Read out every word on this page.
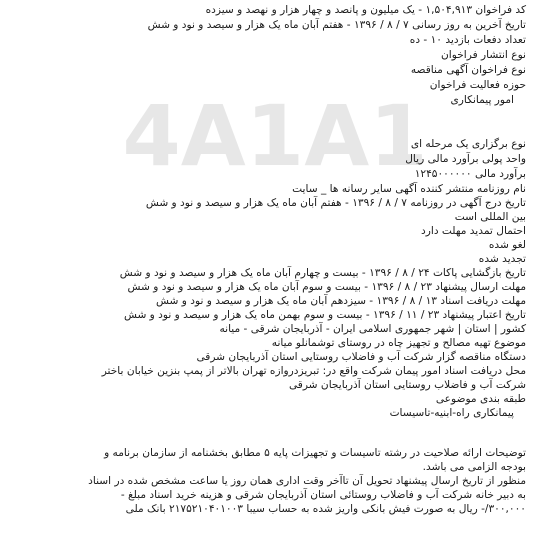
4A1A1
کد فراخوان ۱,۵۰۴,۹۱۳ - یک میلیون و پانصد و چهار هزار و نهصد و سیزده
تاریخ آخرین به روز رسانی ۷ / ۸ / ۱۳۹۶ - هفتم آبان ماه یک هزار و سیصد و نود و شش
تعداد دفعات بازدید ۱۰ - ده
نوع انتشار فراخوان
نوع فراخوان آگهی مناقصه
حوزه فعالیت فراخوان
امور پیمانکاری
نوع برگزاری یک مرحله ای
واحد پولی برآورد مالی ریال
برآورد مالی ۱۲۴۵۰۰۰۰۰۰
نام روزنامه منتشر کننده آگهی سایر رسانه ها _ سایت
تاریخ درج آگهی در روزنامه ۷ / ۸ / ۱۳۹۶ - هفتم آبان ماه یک هزار و سیصد و نود و شش
بین المللی است
احتمال تمدید مهلت دارد
لغو شده
تجدید شده
تاریخ بازگشایی پاکات ۲۴ / ۸ / ۱۳۹۶ - بیست و چهارم آبان ماه یک هزار و سیصد و نود و شش
مهلت ارسال پیشنهاد ۲۳ / ۸ / ۱۳۹۶ - بیست و سوم آبان ماه یک هزار و سیصد و نود و شش
مهلت دریافت اسناد ۱۳ / ۸ / ۱۳۹۶ - سیزدهم آبان ماه یک هزار و سیصد و نود و شش
تاریخ اعتبار پیشنهاد ۲۳ / ۱۱ / ۱۳۹۶ - بیست و سوم بهمن ماه یک هزار و سیصد و نود و شش
کشور | استان | شهر جمهوری اسلامی ایران - آذربایجان شرقی - میانه
موضوع تهیه مصالح و تجهیز چاه در روستای توشمانلو میانه
دستگاه مناقصه گزار شرکت آب و فاضلاب روستایی استان آذربایجان شرقی
محل دریافت اسناد امور پیمان شرکت واقع در: تبریزدروازه تهران بالاتر از پمپ بنزین خیابان باختر
شرکت آب و فاضلاب روستایی استان آذربایجان شرقی
طبقه بندی موضوعی
پیمانکاری راه-ابنیه-تاسیسات
توضیحات ارائه صلاحیت در رشته تاسیسات و تجهیزات پایه ۵ مطابق بخشنامه از سازمان برنامه و
بودجه الزامی می باشد.
منظور از تاریخ ارسال پیشنهاد تحویل آن تاآخر وقت اداری همان روز یا ساعت مشخص شده در اسناد
به دبیر خانه شرکت آب و فاضلاب روستائی استان آذربایجان شرقی و هزینه خرید اسناد مبلغ -
۳۰۰,۰۰۰/- ریال به صورت فیش بانکی واریز شده به حساب سیبا ۲۱۷۵۲۱۰۴۰۱۰۰۳ بانک ملی
